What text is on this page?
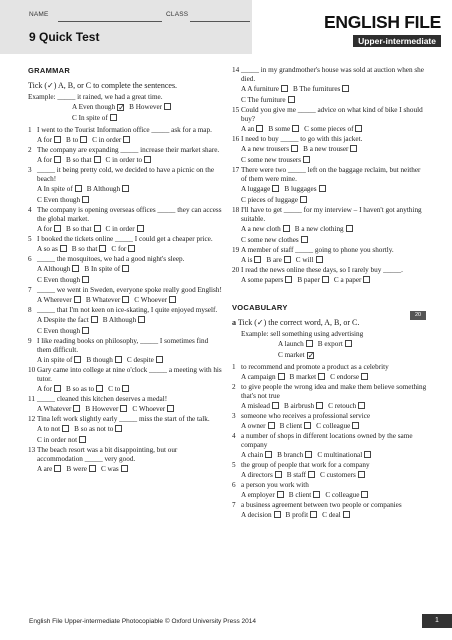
NAME	CLASS
9 Quick Test
ENGLISH FILE
Upper-intermediate
GRAMMAR
Tick (✓) A, B, or C to complete the sentences.
Example: _____ it rained, we had a great time.
A Even though ✓ B However
C In spite of
1 I went to the Tourist Information office _____ ask for a map.
A for B to C in order
2 The company are expanding _____ increase their market share.
A for B so that C in order to
3 _____ it being pretty cold, we decided to have a picnic on the beach!
A In spite of B Although
C Even though
4 The company is opening overseas offices _____ they can access the global market.
A for B so that C in order
5 I booked the tickets online _____ I could get a cheaper price.
A so as B so that C for
6 _____ the mosquitoes, we had a good night's sleep.
A Although B In spite of
C Even though
7 _____ we went in Sweden, everyone spoke really good English!
A Wherever B Whatever C Whoever
8 _____ that I'm not keen on ice-skating, I quite enjoyed myself.
A Despite the fact B Although
C Even though
9 I like reading books on philosophy, _____ I sometimes find them difficult.
A in spite of B though C despite
10 Gary came into college at nine o'clock _____ a meeting with his tutor.
A for B so as to C to
11 _____ cleaned this kitchen deserves a medal!
A Whatever B However C Whoever
12 Tina left work slightly early _____ miss the start of the talk.
A to not B so as not to
C in order not
13 The beach resort was a bit disappointing, but our accommodation _____ very good.
A are B were C was
14 _____ in my grandmother's house was sold at auction when she died.
A A furniture B The furnitures
C The furniture
15 Could you give me _____ advice on what kind of bike I should buy?
A an B some C some pieces of
16 I need to buy _____ to go with this jacket.
A a new trousers B a new trouser
C some new trousers
17 There were two _____ left on the baggage reclaim, but neither of them were mine.
A luggage B luggages
C pieces of luggage
18 I'll have to get _____ for my interview – I haven't got anything suitable.
A a new cloth B a new clothing
C some new clothes
19 A member of staff _____ going to phone you shortly.
A is B are C will
20 I read the news online these days, so I rarely buy _____.
A some papers B paper C a paper
VOCABULARY
a Tick (✓) the correct word, A, B, or C.
Example: sell something using advertising
A launch B export
C market ✓
1 to recommend and promote a product as a celebrity
A campaign B market C endorse
2 to give people the wrong idea and make them believe something that's not true
A mislead B airbrush C retouch
3 someone who receives a professional service
A owner B client C colleague
4 a number of shops in different locations owned by the same company
A chain B branch C multinational
5 the group of people that work for a company
A directors B staff C customers
6 a person you work with
A employer B client C colleague
7 a business agreement between two people or companies
A decision B profit C deal
20
English File Upper-intermediate Photocopiable © Oxford University Press 2014	1
